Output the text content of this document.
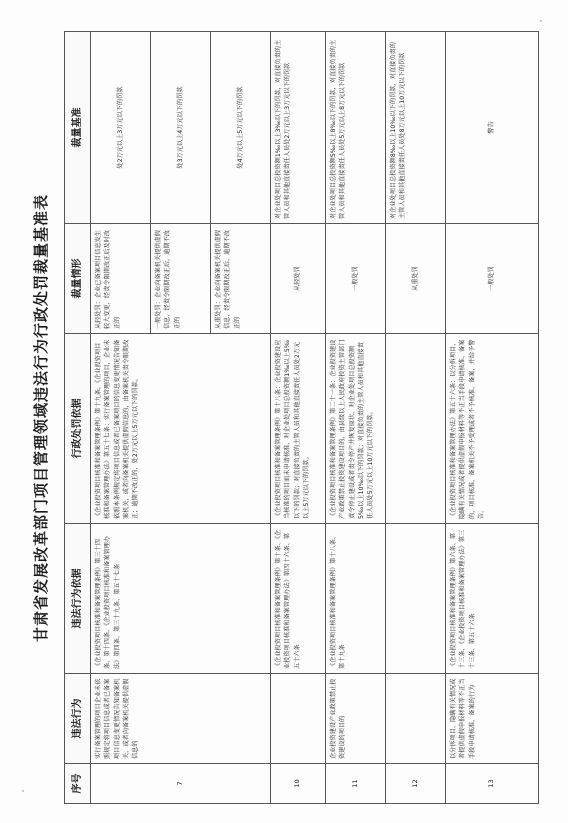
甘肃省发展改革部门项目管理领域违法行为行政处罚裁量基准表
序号	违法行为	违法行为依据	行政处罚依据	裁量情形	裁量基准
7	实行备案管理的项目企业未依照规定将项目信息或者已备案项目信息变更情况告知备案机关，或者向备案机关提供虚假信息的	《企业投资项目核准和备案管理条例》第三十四条、第十四条，《企业投资项目核准和备案管理办法》第四条、第三十九条、第五十七条	《企业投资项目核准和备案管理条例》第十九条，《企业投资项目核准和备案管理办法》第五十七条：实行备案管理的项目，企业未依照本条例规定将项目信息或者已备案项目的信息变更情况告知备案机关，或者向备案机关提供虚假信息的，由备案机关责令限期改正；逾期不改正的，处2万元以上5万元以下的罚款。	从轻处罚：企业已备案项目信息发生较大变更，经责令限期改正后及时改正的	处2万元以上3万元以下的罚款
				一般处罚：企业向备案机关提供虚假信息，经责令限期改正后，逾期不改正的	处3万元以上4万元以下的罚款
				从重处罚：企业向备案机关提供虚假信息，经责令限期改正后，逾期不改正的	处4万元以上5万元以下的罚款
10		《企业投资项目核准和备案管理条例》第十条、《企业投资项目核准和备案管理办法》第四十六条、第五十六条	《企业投资项目核准和备案管理条例》第十八条：企业投资建设应当核准的项目而未申请核准，对企业处项目总投资额1‰以上5‰以下的罚款；对直接负责的主管人员和其他直接责任人员处2万元以上5万元以下的罚款。	从轻处罚	对企业处项目总投资额1‰以上3‰以下的罚款，对直接负责的主管人员和其他直接责任人员处2万元以上3万元以下的罚款
11	企业投资建设产业政策禁止投资建设的项目的	《企业投资项目核准和备案管理条例》第十八条、第十九条	《企业投资项目核准和备案管理条例》第二十一条：企业投资建设产业政策禁止投资建设项目的，由县级以上人民政府投资主管部门责令停止建设或者责令停产并恢复原状，对企业处项目总投资额5‰以上10‰以下的罚款；对直接负责的主管人员和其他直接责任人员处5万元以上10万元以下的罚款。	一般处罚	对企业处项目总投资额5‰以上8‰以下的罚款，对直接负责的主管人员和其他直接责任人员处5万元以上8万元以下的罚款
12				从重处罚	对企业处项目总投资额8‰以上10‰以下的罚款，对直接负责的主管人员和其他直接责任人员处8万元以上10万元以下的罚款
13	以分拆项目、隐瞒有关情况或者提供虚假申报材料等不正当手段申请核准、备案的行为	《企业投资项目核准和备案管理条例》第六条、第十三条，《企业投资项目核准和备案管理办法》第三十三条、第五十六条	《企业投资项目核准和备案管理办法》第五十六条：以分拆项目、隐瞒有关情况或者提供虚假申报材料等不正当手段申请核准、备案的，项目核准、备案机关不予受理或者不予核准、备案，并给予警告。	一般处罚	警告
